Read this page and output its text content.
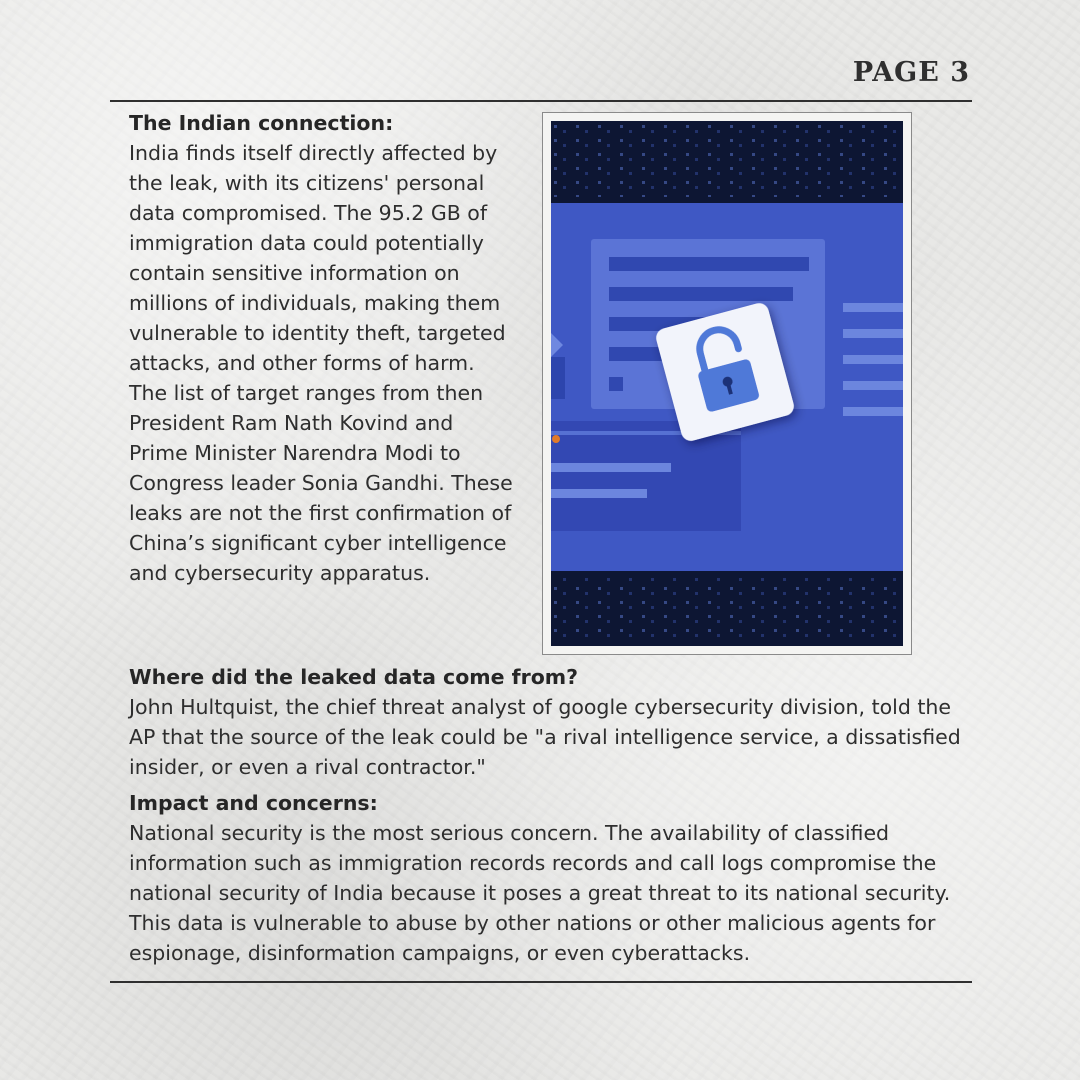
PAGE 3
The Indian connection:

India finds itself directly affected by the leak, with its citizens' personal data compromised. The 95.2 GB of immigration data could potentially contain sensitive information on millions of individuals, making them vulnerable to identity theft, targeted attacks, and other forms of harm. The list of target ranges from then President Ram Nath Kovind and Prime Minister Narendra Modi to Congress leader Sonia Gandhi. These leaks are not the first confirmation of China’s significant cyber intelligence and cybersecurity apparatus.

Where did the leaked data come from?

John Hultquist, the chief threat analyst of google cybersecurity division, told the AP that the source of the leak could be "a rival intelligence service, a dissatisfied insider, or even a rival contractor."

Impact and concerns:

National security is the most serious concern. The availability of classified information such as immigration records records and call logs compromise the national security of India because it poses a great threat to its national security. This data is vulnerable to abuse by other nations or other malicious agents for espionage, disinformation campaigns, or even cyberattacks.
